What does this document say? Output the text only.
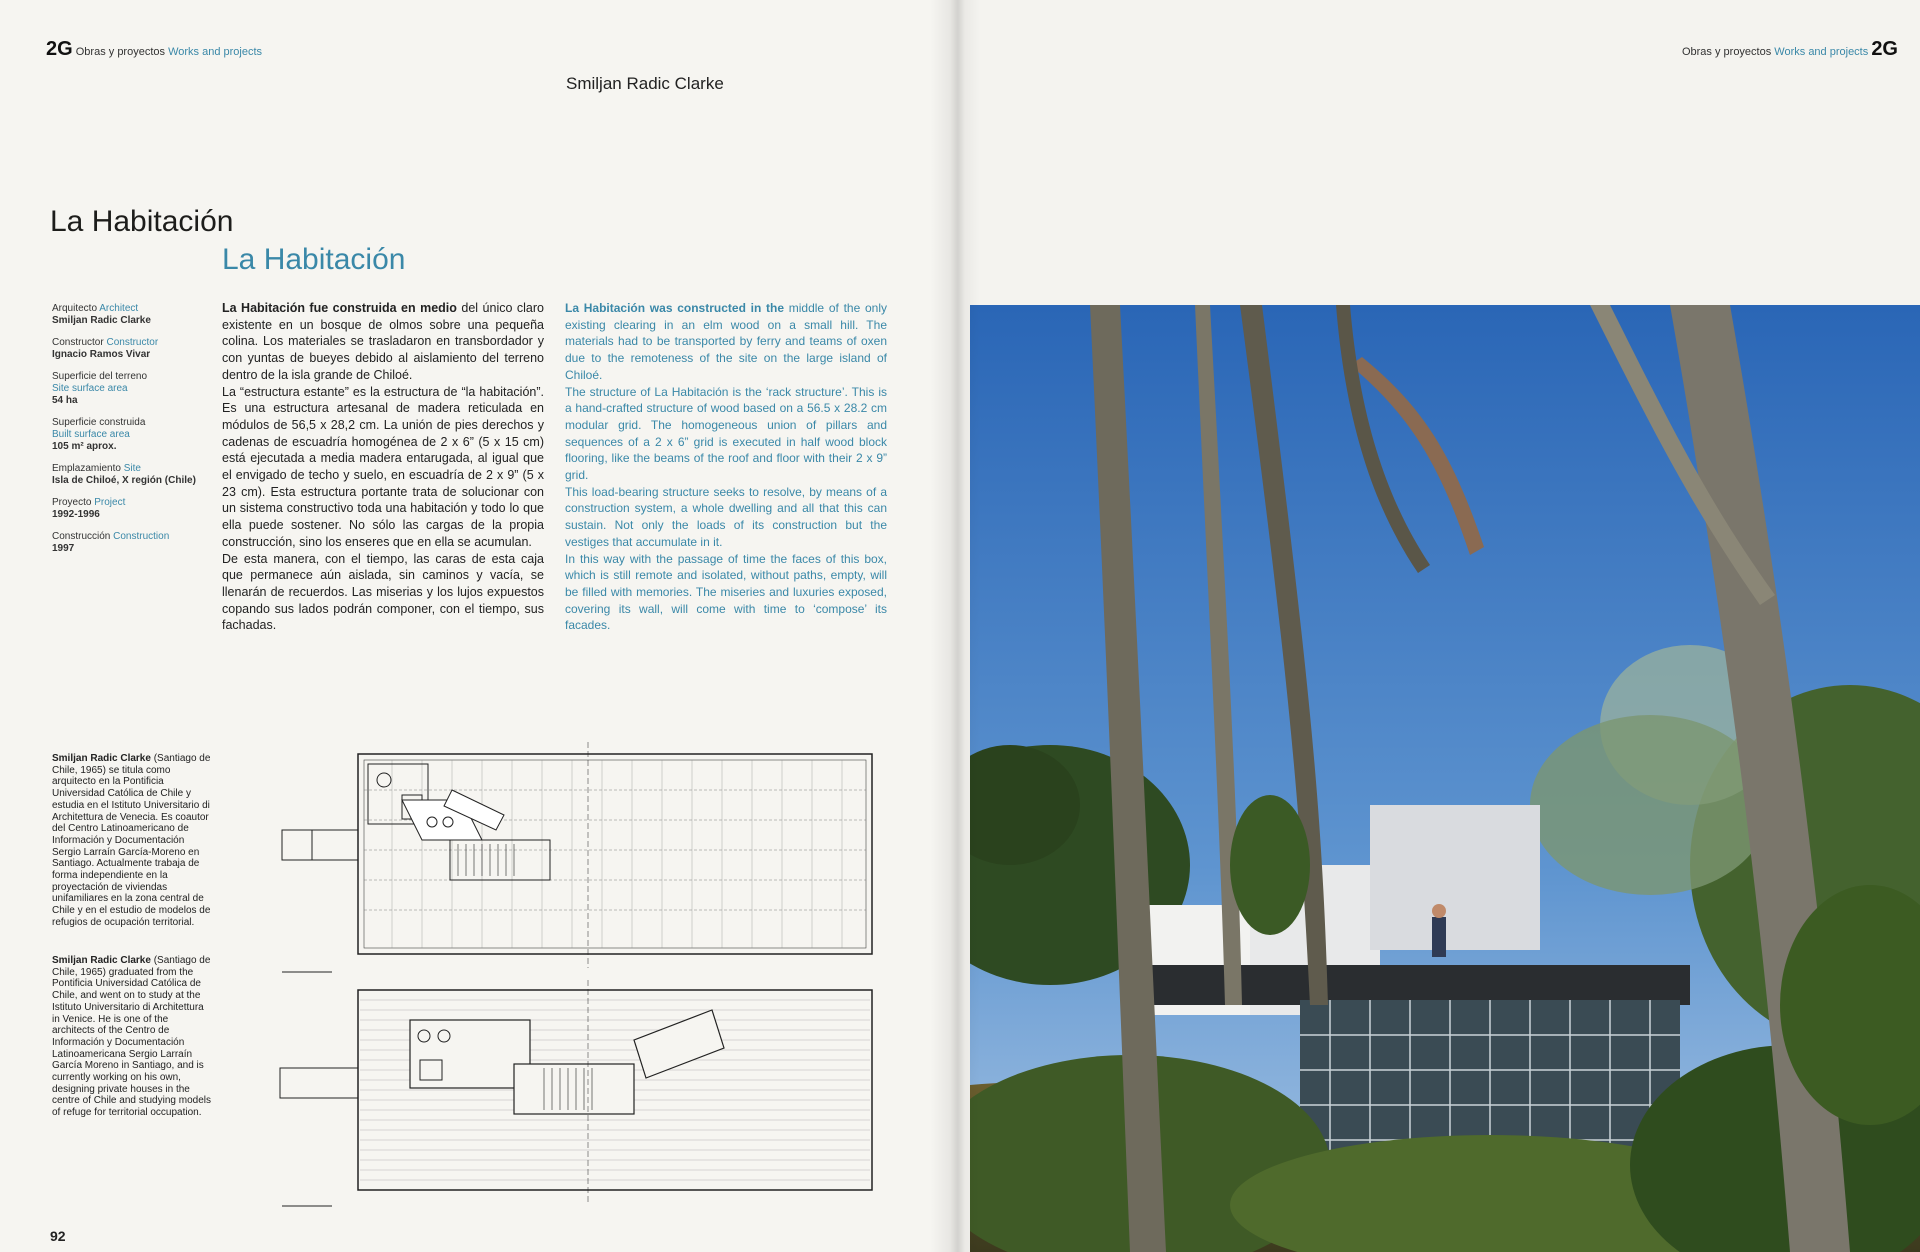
2G Obras y proyectos Works and projects
Smiljan Radic Clarke
La Habitación
La Habitación
Arquitecto Architect
Smiljan Radic Clarke
Constructor Constructor
Ignacio Ramos Vivar
Superficie del terreno
Site surface area
54 ha
Superficie construida
Built surface area
105 m² aprox.
Emplazamiento Site
Isla de Chiloé, X región (Chile)
Proyecto Project
1992-1996
Construcción Construction
1997

La Habitación fue construida en medio del único claro existente en un bosque de olmos sobre una pequeña colina. Los materiales se trasladaron en transbordador y con yuntas de bueyes debido al aislamiento del terreno dentro de la isla grande de Chiloé.

La “estructura estante” es la estructura de “la habitación”. Es una estructura artesanal de madera reticulada en módulos de 56,5 x 28,2 cm. La unión de pies derechos y cadenas de escuadría homogénea de 2 x 6” (5 x 15 cm) está ejecutada a media madera entarugada, al igual que el envigado de techo y suelo, en escuadría de 2 x 9” (5 x 23 cm). Esta estructura portante trata de solucionar con un sistema constructivo toda una habitación y todo lo que ella puede sostener. No sólo las cargas de la propia construcción, sino los enseres que en ella se acumulan.

De esta manera, con el tiempo, las caras de esta caja que permanece aún aislada, sin caminos y vacía, se llenarán de recuerdos. Las miserias y los lujos expuestos copando sus lados podrán componer, con el tiempo, sus fachadas.

La Habitación was constructed in the middle of the only existing clearing in an elm wood on a small hill. The materials had to be transported by ferry and teams of oxen due to the remoteness of the site on the large island of Chiloé.

The structure of La Habitación is the ‘rack structure’. This is a hand-crafted structure of wood based on a 56.5 x 28.2 cm modular grid. The homogeneous union of pillars and sequences of a 2 x 6” grid is executed in half wood block flooring, like the beams of the roof and floor with their 2 x 9” grid.

This load-bearing structure seeks to resolve, by means of a construction system, a whole dwelling and all that this can sustain. Not only the loads of its construction but the vestiges that accumulate in it.

In this way with the passage of time the faces of this box, which is still remote and isolated, without paths, empty, will be filled with memories. The miseries and luxuries exposed, covering its wall, will come with time to ‘compose’ its facades.

Smiljan Radic Clarke (Santiago de Chile, 1965) se titula como arquitecto en la Pontificia Universidad Católica de Chile y estudia en el Istituto Universitario di Architettura de Venecia. Es coautor del Centro Latinoamericano de Información y Documentación Sergio Larraín García-Moreno en Santiago. Actualmente trabaja de forma independiente en la proyectación de viviendas unifamiliares en la zona central de Chile y en el estudio de modelos de refugios de ocupación territorial.
Smiljan Radic Clarke (Santiago de Chile, 1965) graduated from the Pontificia Universidad Católica de Chile, and went on to study at the Istituto Universitario di Architettura in Venice. He is one of the architects of the Centro de Información y Documentación Latinoamericana Sergio Larraín García Moreno in Santiago, and is currently working on his own, designing private houses in the centre of Chile and studying models of refuge for territorial occupation.
92
Obras y proyectos Works and projects 2G
